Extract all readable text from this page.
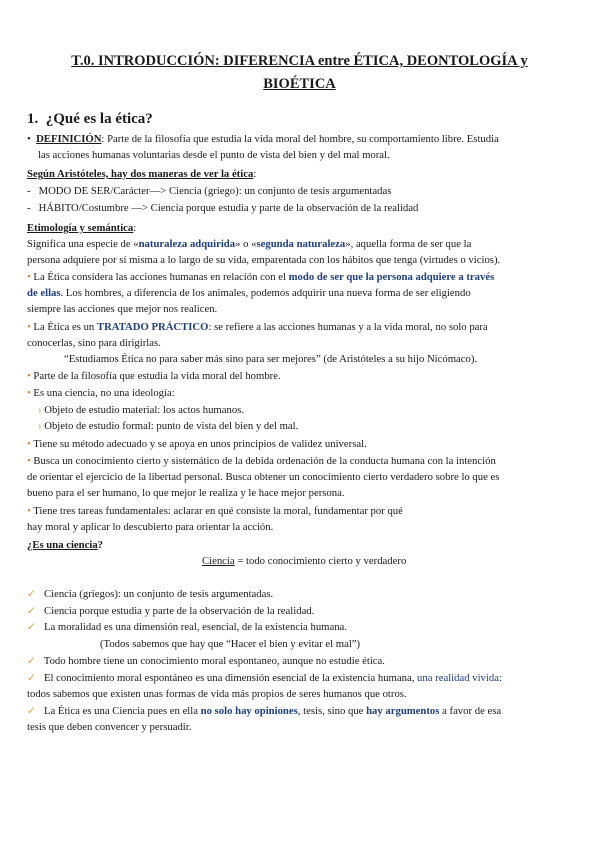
T.0. INTRODUCCIÓN: DIFERENCIA entre ÉTICA, DEONTOLOGÍA y
BIOÉTICA
1. ¿Qué es la ética?
• DEFINICIÓN: Parte de la filosofía que estudia la vida moral del hombre, su comportamiento libre. Estudia
las acciones humanas voluntarias desde el punto de vista del bien y del mal moral.
Según Aristóteles, hay dos maneras de ver la ética:
- MODO DE SER/Carácter—> Ciencia (griego): un conjunto de tesis argumentadas
- HÁBITO/Costumbre —> Ciencia porque estudia y parte de la observación de la realidad
Etimología y semántica:
Significa una especie de «naturaleza adquirida» o «segunda naturaleza», aquella forma de ser que la
persona adquiere por sí misma a lo largo de su vida, emparentada con los hábitos que tenga (virtudes o vicios).
• La Ética considera las acciones humanas en relación con el modo de ser que la persona adquiere a través
de ellas. Los hombres, a diferencia de los animales, podemos adquirir una nueva forma de ser eligiendo
siempre las acciones que mejor nos realicen.
• La Ética es un TRATADO PRÁCTICO: se refiere a las acciones humanas y a la vida moral, no solo para
conocerlas, sino para dirigirlas.
“Estudiamos Ética no para saber más sino para ser mejores” (de Aristóteles a su hijo Nicómaco).
• Parte de la filosofía que estudia la vida moral del hombre.
• Es una ciencia, no una ideología:
› Objeto de estudio material: los actos humanos.
› Objeto de estudio formal: punto de vista del bien y del mal.
• Tiene su método adecuado y se apoya en unos principios de validez universal.
• Busca un conocimiento cierto y sistemático de la debida ordenación de la conducta humana con la intención
de orientar el ejercicio de la libertad personal. Busca obtener un conocimiento cierto verdadero sobre lo que es
bueno para el ser humano, lo que mejor le realiza y le hace mejor persona.
• Tiene tres tareas fundamentales: aclarar en qué consiste la moral, fundamentar por qué
hay moral y aplicar lo descubierto para orientar la acción.
¿Es una ciencia?
Ciencia = todo conocimiento cierto y verdadero
✓ Ciencia (griegos): un conjunto de tesis argumentadas.
✓ Ciencia porque estudia y parte de la observación de la realidad.
✓ La moralidad es una dimensión real, esencial, de la existencia humana.
(Todos sabemos que hay que “Hacer el bien y evitar el mal”)
✓ Todo hombre tiene un conocimiento moral espontaneo, aunque no estudie ética.
✓ El conocimiento moral espontáneo es una dimensión esencial de la existencia humana, una realidad vivida:
todos sabemos que existen unas formas de vida más propios de seres humanos que otros.
✓ La Ética es una Ciencia pues en ella no solo hay opiniones, tesis, sino que hay argumentos a favor de esa
tesis que deben convencer y persuadir.
